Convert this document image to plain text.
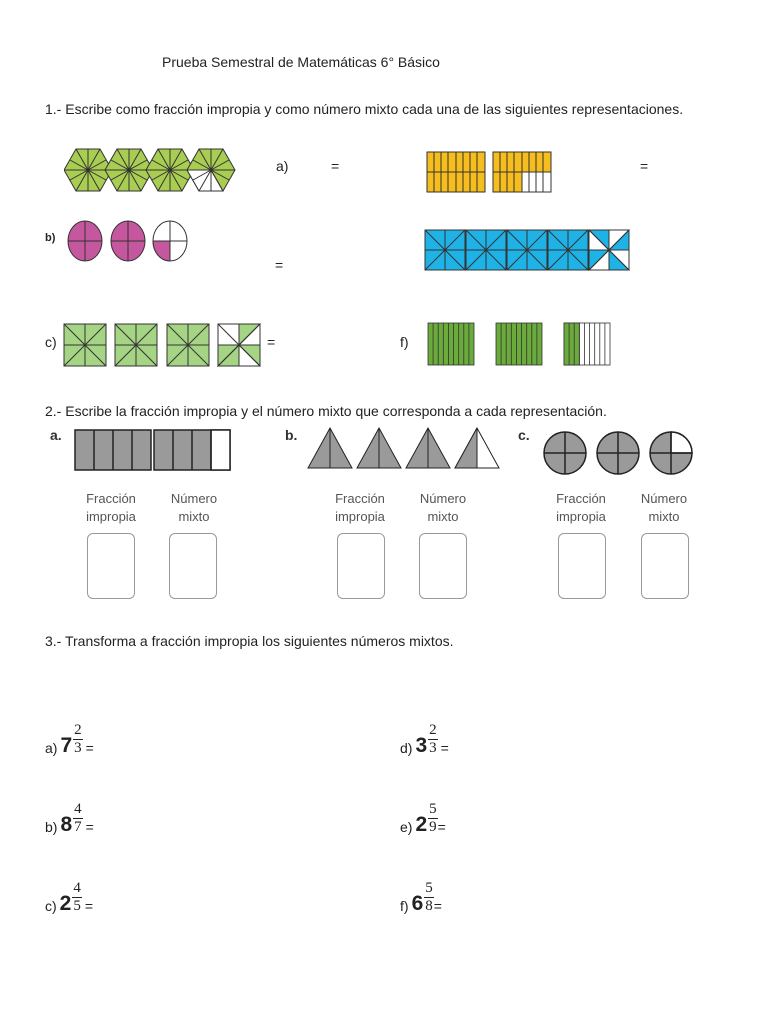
Prueba Semestral de Matemáticas 6° Básico
1.- Escribe como fracción impropia y como número mixto cada una de las siguientes representaciones.
a)	=	=
b)
=
c)	=	f)
2.- Escribe la fracción impropia y el número mixto que corresponda a cada representación.
a.	b.	c.
Fracción impropia
Número mixto
Fracción impropia
Número mixto
Fracción impropia
Número mixto
3.- Transforma a fracción impropia los siguientes números mixtos.
a) $7 \frac{2}{3}$ =	d) $3 \frac{2}{3}$ =
b) $8 \frac{4}{7}$ =	e) $2 \frac{5}{9}$ =
c) $2 \frac{4}{5}$ =	f) $6 \frac{5}{8}$ =
